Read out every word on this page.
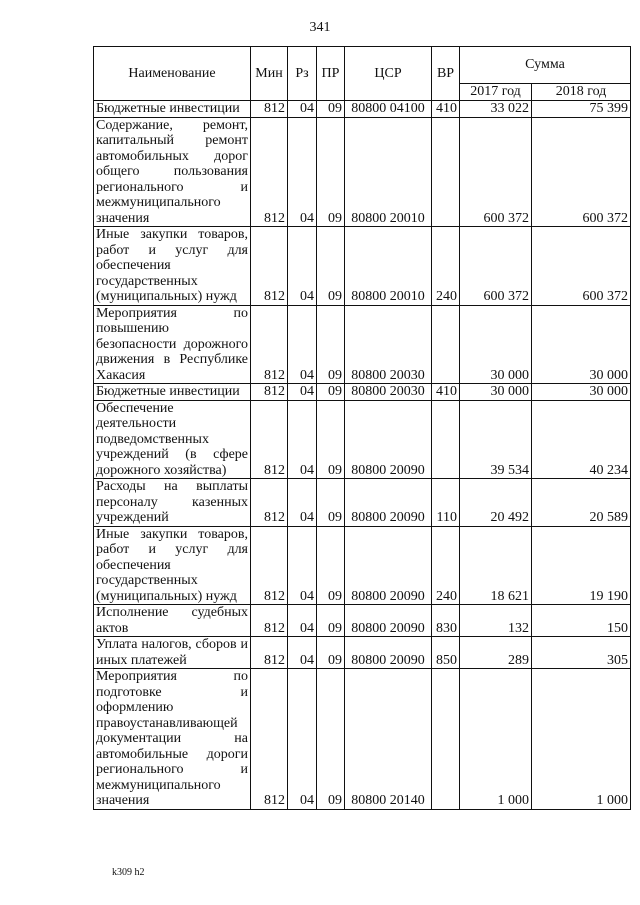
341
Наименование	Мин	Рз	ПР	ЦСР	ВР	Сумма	
						2017 год	2018 год
Бюджетные инвестиции	812	04	09	80800 04100	410	33 022	75 399
Содержание, ремонт, капитальный ремонт автомобильных дорог общего пользования регионального и межмуниципального значения	812	04	09	80800 20010		600 372	600 372
Иные закупки товаров, работ и услуг для обеспечения государственных (муниципальных) нужд	812	04	09	80800 20010	240	600 372	600 372
Мероприятия по повышению безопасности дорожного движения в Республике Хакасия	812	04	09	80800 20030		30 000	30 000
Бюджетные инвестиции	812	04	09	80800 20030	410	30 000	30 000
Обеспечение деятельности подведомственных учреждений (в сфере дорожного хозяйства)	812	04	09	80800 20090		39 534	40 234
Расходы на выплаты персоналу казенных учреждений	812	04	09	80800 20090	110	20 492	20 589
Иные закупки товаров, работ и услуг для обеспечения государственных (муниципальных) нужд	812	04	09	80800 20090	240	18 621	19 190
Исполнение судебных актов	812	04	09	80800 20090	830	132	150
Уплата налогов, сборов и иных платежей	812	04	09	80800 20090	850	289	305
Мероприятия по подготовке и оформлению правоустанавливающей документации на автомобильные дороги регионального и межмуниципального значения	812	04	09	80800 20140		1 000	1 000
k309 h2
